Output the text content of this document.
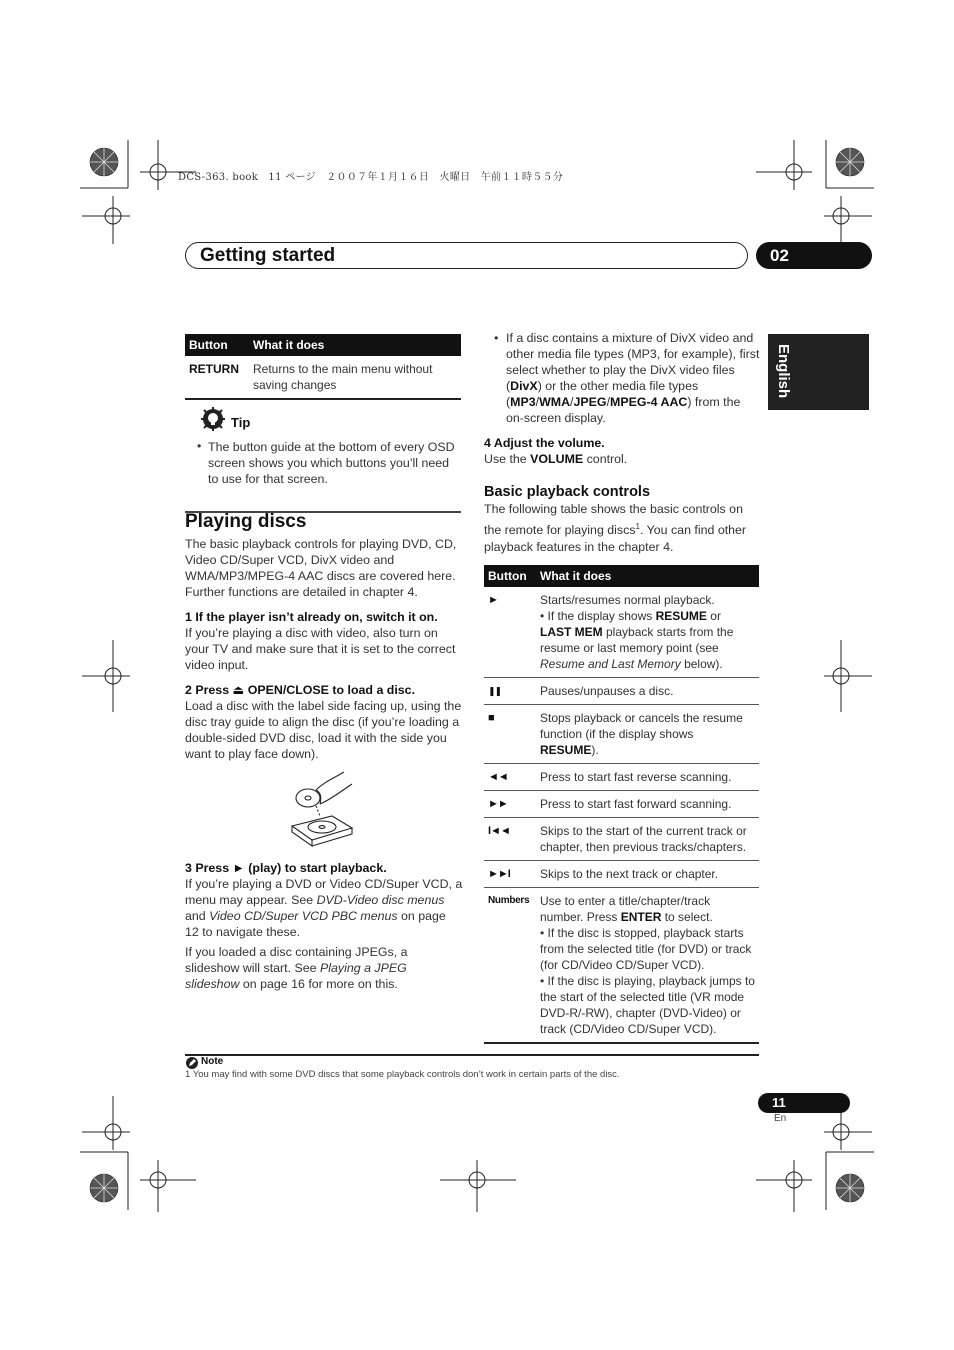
DCS-363. book　11 ページ　２００７年１月１６日　火曜日　午前１１時５５分
Getting started	02
English
Button	What it does
RETURN	Returns to the main menu without saving changes
Tip
• The button guide at the bottom of every OSD screen shows you which buttons you’ll need to use for that screen.
Playing discs

The basic playback controls for playing DVD, CD, Video CD/Super VCD, DivX video and WMA/MP3/MPEG-4 AAC discs are covered here. Further functions are detailed in chapter 4.

1 If the player isn’t already on, switch it on.

If you’re playing a disc with video, also turn on your TV and make sure that it is set to the correct video input.

2 Press ⏏ OPEN/CLOSE to load a disc.

Load a disc with the label side facing up, using the disc tray guide to align the disc (if you’re loading a double-sided DVD disc, load it with the side you want to play face down).

3 Press ► (play) to start playback.

If you’re playing a DVD or Video CD/Super VCD, a menu may appear. See DVD-Video disc menus and Video CD/Super VCD PBC menus on page 12 to navigate these.

If you loaded a disc containing JPEGs, a slideshow will start. See Playing a JPEG slideshow on page 16 for more on this.

• If a disc contains a mixture of DivX video and other media file types (MP3, for example), first select whether to play the DivX video files (DivX) or the other media file types (MP3/WMA/JPEG/MPEG-4 AAC) from the on-screen display.

4 Adjust the volume.

Use the VOLUME control.

Basic playback controls

The following table shows the basic controls on the remote for playing discs$^1$. You can find other playback features in the chapter 4.

Button	What it does
►	Starts/resumes normal playback.
• If the display shows RESUME or LAST MEM playback starts from the resume or last memory point (see Resume and Last Memory below).
❚❚	Pauses/unpauses a disc.
■	Stops playback or cancels the resume function (if the display shows RESUME).
◄◄	Press to start fast reverse scanning.
►►	Press to start fast forward scanning.
I◄◄	Skips to the start of the current track or chapter, then previous tracks/chapters.
►►I	Skips to the next track or chapter.
Numbers	Use to enter a title/chapter/track number. Press ENTER to select.
• If the disc is stopped, playback starts from the selected title (for DVD) or track (for CD/Video CD/Super VCD).
• If the disc is playing, playback jumps to the start of the selected title (VR mode DVD-R/-RW), chapter (DVD-Video) or track (CD/Video CD/Super VCD).
Note
1 You may find with some DVD discs that some playback controls don’t work in certain parts of the disc.
11
En
